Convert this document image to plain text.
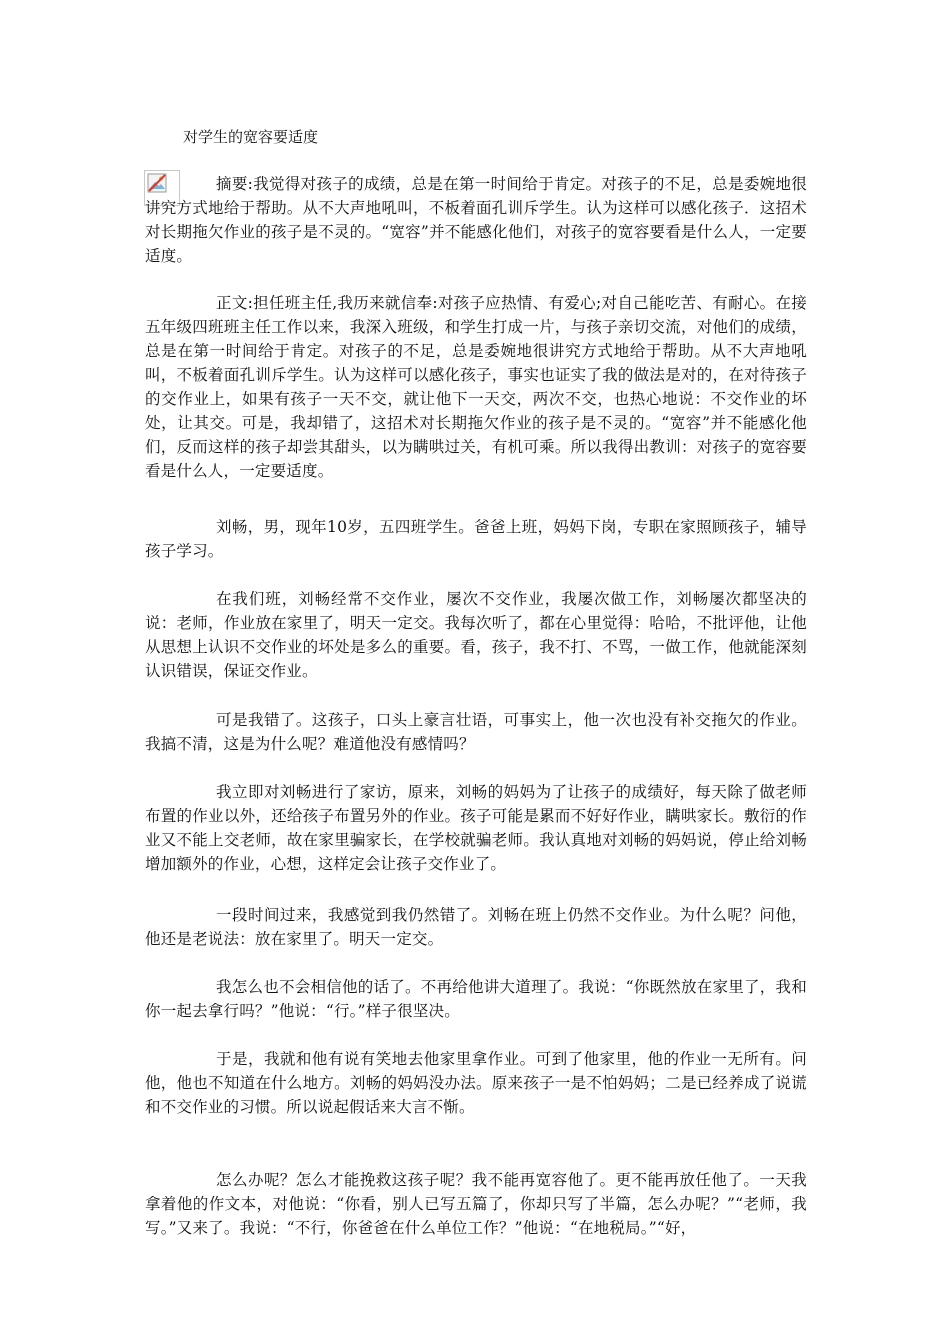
对学生的宽容要适度

摘要:我觉得对孩子的成绩，总是在第一时间给于肯定。对孩子的不足，总是委婉地很讲究方式地给于帮助。从不大声地吼叫，不板着面孔训斥学生。认为这样可以感化孩子．这招术对长期拖欠作业的孩子是不灵的。“宽容”并不能感化他们，对孩子的宽容要看是什么人，一定要适度。

正文:担任班主任,我历来就信奉:对孩子应热情、有爱心;对自己能吃苦、有耐心。在接五年级四班班主任工作以来，我深入班级，和学生打成一片，与孩子亲切交流，对他们的成绩，总是在第一时间给于肯定。对孩子的不足，总是委婉地很讲究方式地给于帮助。从不大声地吼叫，不板着面孔训斥学生。认为这样可以感化孩子，事实也证实了我的做法是对的，在对待孩子的交作业上，如果有孩子一天不交，就让他下一天交，两次不交，也热心地说：不交作业的坏处，让其交。可是，我却错了，这招术对长期拖欠作业的孩子是不灵的。“宽容”并不能感化他们，反而这样的孩子却尝其甜头，以为瞒哄过关，有机可乘。所以我得出教训：对孩子的宽容要看是什么人，一定要适度。

刘畅，男，现年10岁，五四班学生。爸爸上班，妈妈下岗，专职在家照顾孩子，辅导孩子学习。

在我们班，刘畅经常不交作业，屡次不交作业，我屡次做工作，刘畅屡次都坚决的说：老师，作业放在家里了，明天一定交。我每次听了，都在心里觉得：哈哈，不批评他，让他从思想上认识不交作业的坏处是多么的重要。看，孩子，我不打、不骂，一做工作，他就能深刻认识错误，保证交作业。

可是我错了。这孩子，口头上豪言壮语，可事实上，他一次也没有补交拖欠的作业。我搞不清，这是为什么呢？难道他没有感情吗？

我立即对刘畅进行了家访，原来，刘畅的妈妈为了让孩子的成绩好，每天除了做老师布置的作业以外，还给孩子布置另外的作业。孩子可能是累而不好好作业，瞒哄家长。敷衍的作业又不能上交老师，故在家里骗家长，在学校就骗老师。我认真地对刘畅的妈妈说，停止给刘畅增加额外的作业，心想，这样定会让孩子交作业了。

一段时间过来，我感觉到我仍然错了。刘畅在班上仍然不交作业。为什么呢？问他，他还是老说法：放在家里了。明天一定交。

我怎么也不会相信他的话了。不再给他讲大道理了。我说：“你既然放在家里了，我和你一起去拿行吗？”他说：“行。”样子很坚决。

于是，我就和他有说有笑地去他家里拿作业。可到了他家里，他的作业一无所有。问他，他也不知道在什么地方。刘畅的妈妈没办法。原来孩子一是不怕妈妈；二是已经养成了说谎和不交作业的习惯。所以说起假话来大言不惭。

怎么办呢？怎么才能挽救这孩子呢？我不能再宽容他了。更不能再放任他了。一天我拿着他的作文本，对他说：“你看，别人已写五篇了，你却只写了半篇，怎么办呢？”“老师，我写。”又来了。我说：“不行，你爸爸在什么单位工作？”他说：“在地税局。”“好，
